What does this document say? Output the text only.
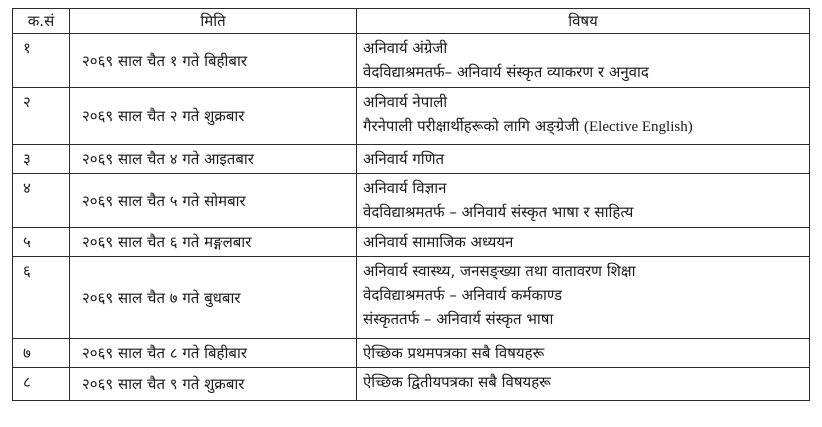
क.सं	मिति	विषय
१	२०६९ साल चैत १ गते बिहीबार	अनिवार्य अंग्रेजी
वेदविद्याश्रमतर्फ– अनिवार्य संस्कृत व्याकरण र अनुवाद

२	२०६९ साल चैत २ गते शुक्रबार	अनिवार्य नेपाली
गैरनेपाली परीक्षार्थीहरूको लागि अङ्ग्रेजी (Elective English)

३	२०६९ साल चैत ४ गते आइतबार	अनिवार्य गणित

४	२०६९ साल चैत ५ गते सोमबार	अनिवार्य विज्ञान
वेदविद्याश्रमतर्फ – अनिवार्य संस्कृत भाषा र साहित्य

५	२०६९ साल चैत ६ गते मङ्गलबार	अनिवार्य सामाजिक अध्ययन

६	२०६९ साल चैत ७ गते बुधबार	अनिवार्य स्वास्थ्य, जनसङ्ख्या तथा वातावरण शिक्षा
वेदविद्याश्रमतर्फ – अनिवार्य कर्मकाण्ड
संस्कृततर्फ – अनिवार्य संस्कृत भाषा

७	२०६९ साल चैत ८ गते बिहीबार	ऐच्छिक प्रथमपत्रका सबै विषयहरू

८	२०६९ साल चैत ९ गते शुक्रबार	ऐच्छिक द्वितीयपत्रका सबै विषयहरू
